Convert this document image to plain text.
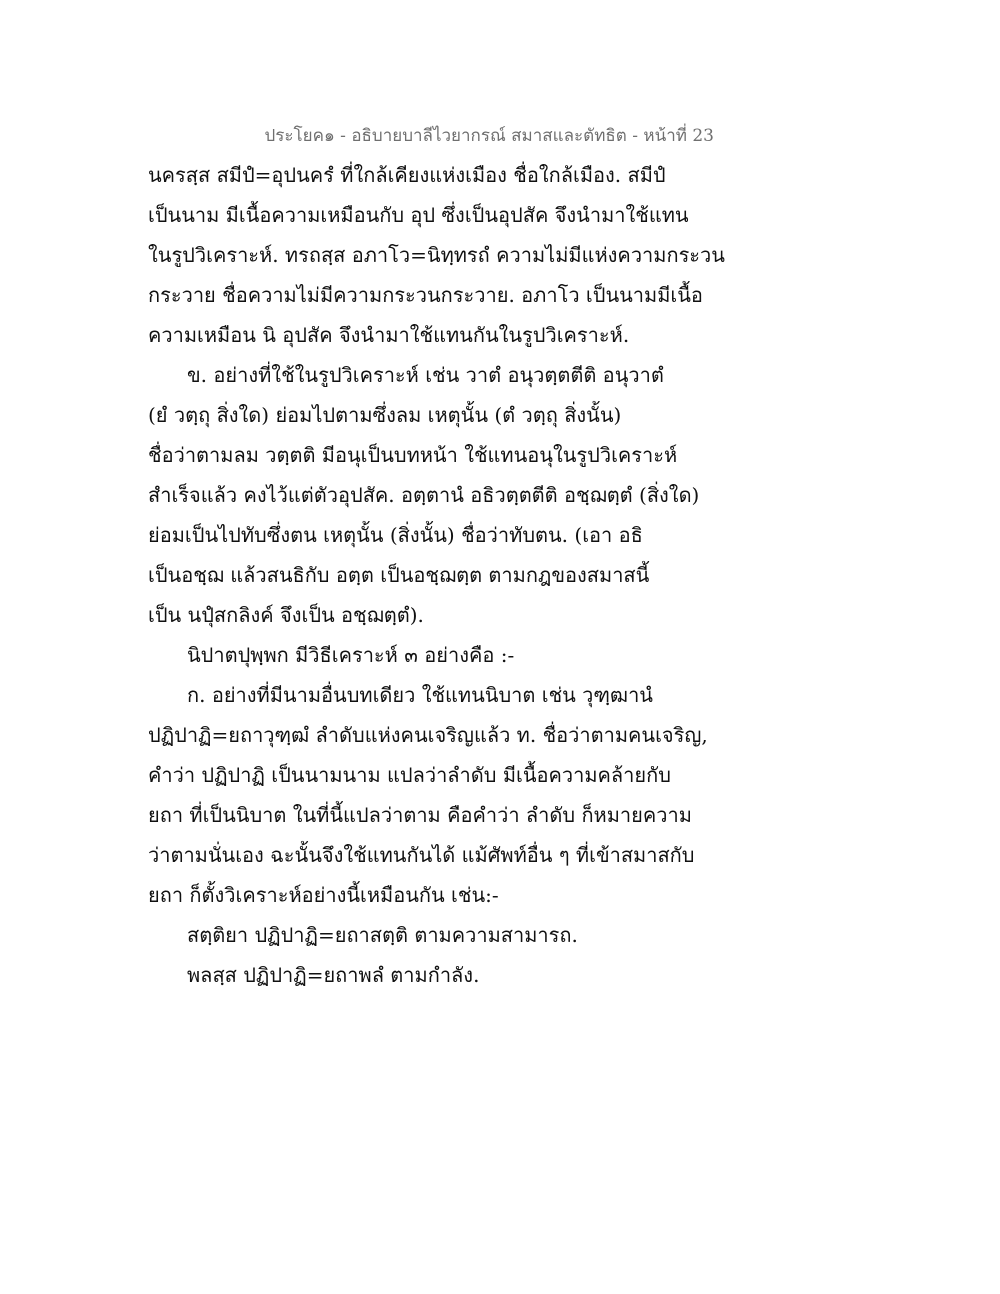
ประโยค๑ - อธิบายบาลีไวยากรณ์ สมาสและตัทธิต - หน้าที่ 23
นครสฺส สมีปํ=อุปนครํ ที่ใกล้เคียงแห่งเมือง ชื่อใกล้เมือง. สมีปํ
เป็นนาม มีเนื้อความเหมือนกับ อุป ซึ่งเป็นอุปสัค จึงนำมาใช้แทน
ในรูปวิเคราะห์. ทรถสฺส อภาโว=นิทฺทรถํ ความไม่มีแห่งความกระวน
กระวาย ชื่อความไม่มีความกระวนกระวาย. อภาโว เป็นนามมีเนื้อ
ความเหมือน นิ อุปสัค จึงนำมาใช้แทนกันในรูปวิเคราะห์.
ข. อย่างที่ใช้ในรูปวิเคราะห์ เช่น วาตํ อนุวตฺตตีติ อนุวาตํ
(ยํ วตฺถุ สิ่งใด) ย่อมไปตามซึ่งลม เหตุนั้น (ตํ วตฺถุ สิ่งนั้น)
ชื่อว่าตามลม วตฺตติ มีอนุเป็นบทหน้า ใช้แทนอนุในรูปวิเคราะห์
สำเร็จแล้ว คงไว้แต่ตัวอุปสัค. อตฺตานํ อธิวตฺตตีติ อชฺฌตฺตํ (สิ่งใด)
ย่อมเป็นไปทับซึ่งตน เหตุนั้น (สิ่งนั้น) ชื่อว่าทับตน. (เอา อธิ
เป็นอชฺฌ แล้วสนธิกับ อตฺต เป็นอชฺฌตฺต ตามกฎของสมาสนี้
เป็น นปุํสกลิงค์ จึงเป็น อชฺฌตฺตํ).
นิปาตปุพฺพก มีวิธีเคราะห์ ๓ อย่างคือ :-
ก. อย่างที่มีนามอื่นบทเดียว ใช้แทนนิบาต เช่น วุฑฺฒานํ
ปฏิปาฏิ=ยถาวุฑฺฒํ ลำดับแห่งคนเจริญแล้ว ท. ชื่อว่าตามคนเจริญ,
คำว่า ปฏิปาฏิ เป็นนามนาม แปลว่าลำดับ มีเนื้อความคล้ายกับ
ยถา ที่เป็นนิบาต ในที่นี้แปลว่าตาม คือคำว่า ลำดับ ก็หมายความ
ว่าตามนั่นเอง ฉะนั้นจึงใช้แทนกันได้ แม้ศัพท์อื่น ๆ ที่เข้าสมาสกับ
ยถา ก็ตั้งวิเคราะห์อย่างนี้เหมือนกัน เช่น:-
สตฺติยา ปฏิปาฏิ=ยถาสตฺติ ตามความสามารถ.
พลสฺส ปฏิปาฏิ=ยถาพลํ ตามกำลัง.
